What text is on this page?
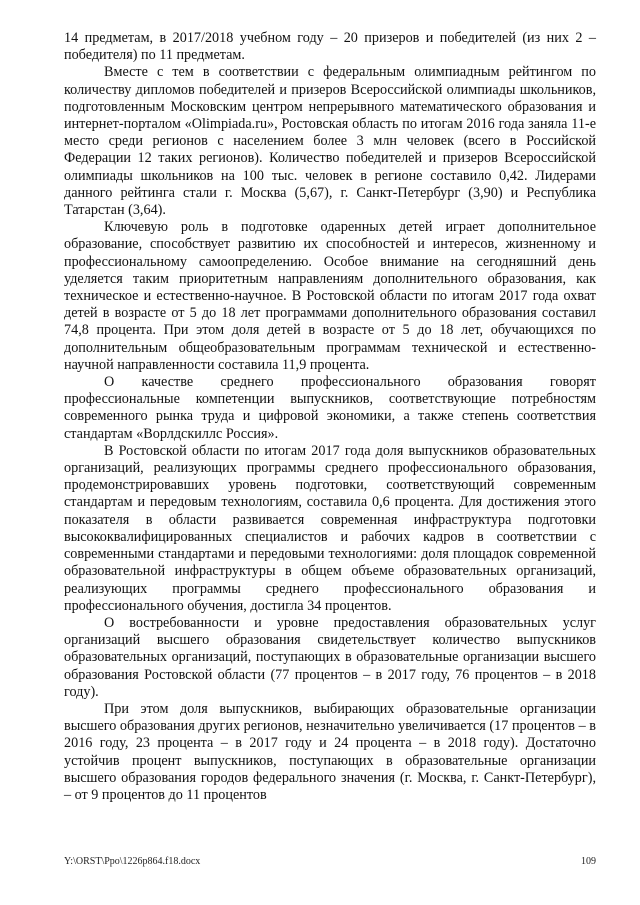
14 предметам, в 2017/2018 учебном году – 20 призеров и победителей (из них 2 – победителя) по 11 предметам.

Вместе с тем в соответствии с федеральным олимпиадным рейтингом по количеству дипломов победителей и призеров Всероссийской олимпиады школьников, подготовленным Московским центром непрерывного математического образования и интернет-порталом «Olimpiada.ru», Ростовская область по итогам 2016 года заняла 11-е место среди регионов с населением более 3 млн человек (всего в Российской Федерации 12 таких регионов). Количество победителей и призеров Всероссийской олимпиады школьников на 100 тыс. человек в регионе составило 0,42. Лидерами данного рейтинга стали г. Москва (5,67), г. Санкт-Петербург (3,90) и Республика Татарстан (3,64).

Ключевую роль в подготовке одаренных детей играет дополнительное образование, способствует развитию их способностей и интересов, жизненному и профессиональному самоопределению. Особое внимание на сегодняшний день уделяется таким приоритетным направлениям дополнительного образования, как техническое и естественно-научное. В Ростовской области по итогам 2017 года охват детей в возрасте от 5 до 18 лет программами дополнительного образования составил 74,8 процента. При этом доля детей в возрасте от 5 до 18 лет, обучающихся по дополнительным общеобразовательным программам технической и естественно-научной направленности составила 11,9 процента.

О качестве среднего профессионального образования говорят профессиональные компетенции выпускников, соответствующие потребностям современного рынка труда и цифровой экономики, а также степень соответствия стандартам «Ворлдскиллс Россия».

В Ростовской области по итогам 2017 года доля выпускников образовательных организаций, реализующих программы среднего профессионального образования, продемонстрировавших уровень подготовки, соответствующий современным стандартам и передовым технологиям, составила 0,6 процента. Для достижения этого показателя в области развивается современная инфраструктура подготовки высококвалифицированных специалистов и рабочих кадров в соответствии с современными стандартами и передовыми технологиями: доля площадок современной образовательной инфраструктуры в общем объеме образовательных организаций, реализующих программы среднего профессионального образования и профессионального обучения, достигла 34 процентов.

О востребованности и уровне предоставления образовательных услуг организаций высшего образования свидетельствует количество выпускников образовательных организаций, поступающих в образовательные организации высшего образования Ростовской области (77 процентов – в 2017 году, 76 процентов – в 2018 году).

При этом доля выпускников, выбирающих образовательные организации высшего образования других регионов, незначительно увеличивается (17 процентов – в 2016 году, 23 процента – в 2017 году и 24 процента – в 2018 году). Достаточно устойчив процент выпускников, поступающих в образовательные организации высшего образования городов федерального значения (г. Москва, г. Санкт-Петербург), – от 9 процентов до 11 процентов

Y:\ORST\Ppo\1226p864.f18.docx	109
